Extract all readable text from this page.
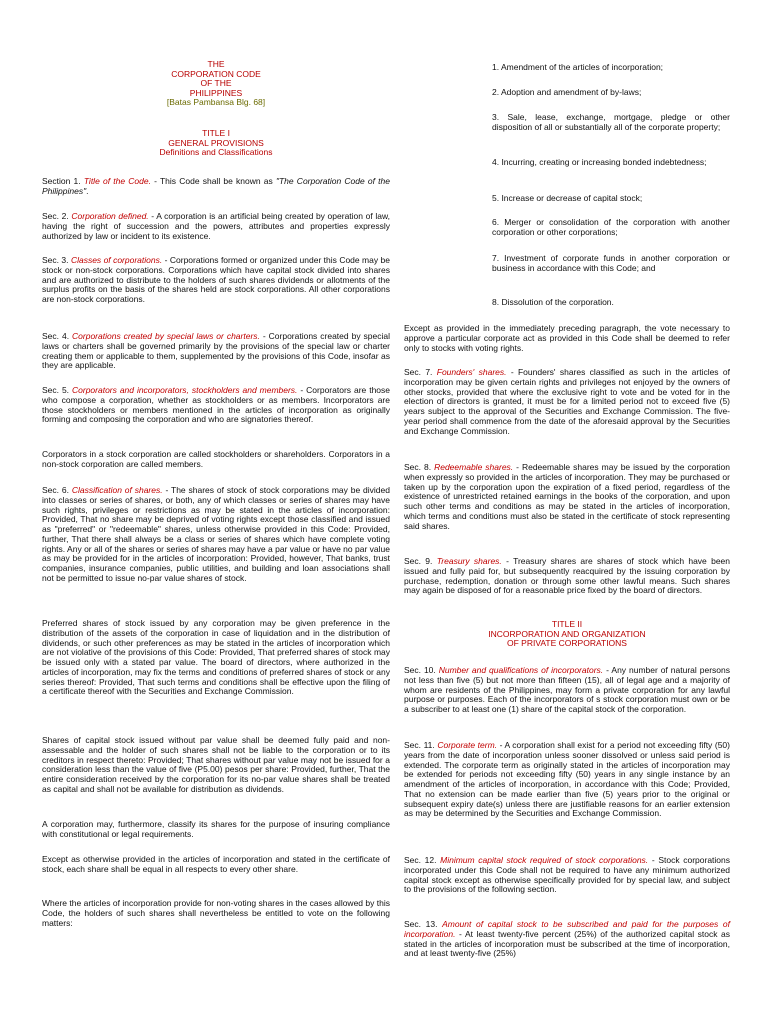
THE
CORPORATION CODE
OF THE
PHILIPPINES
[Batas Pambansa Blg. 68]
TITLE I
GENERAL PROVISIONS
Definitions and Classifications

Section 1. Title of the Code. - This Code shall be known as "The Corporation Code of the Philippines".

Sec. 2. Corporation defined. - A corporation is an artificial being created by operation of law, having the right of succession and the powers, attributes and properties expressly authorized by law or incident to its existence.

Sec. 3. Classes of corporations. - Corporations formed or organized under this Code may be stock or non-stock corporations. Corporations which have capital stock divided into shares and are authorized to distribute to the holders of such shares dividends or allotments of the surplus profits on the basis of the shares held are stock corporations. All other corporations are non-stock corporations.

Sec. 4. Corporations created by special laws or charters. - Corporations created by special laws or charters shall be governed primarily by the provisions of the special law or charter creating them or applicable to them, supplemented by the provisions of this Code, insofar as they are applicable.

Sec. 5. Corporators and incorporators, stockholders and members. - Corporators are those who compose a corporation, whether as stockholders or as members. Incorporators are those stockholders or members mentioned in the articles of incorporation as originally forming and composing the corporation and who are signatories thereof.

Corporators in a stock corporation are called stockholders or shareholders. Corporators in a non-stock corporation are called members.

Sec. 6. Classification of shares. - The shares of stock of stock corporations may be divided into classes or series of shares, or both, any of which classes or series of shares may have such rights, privileges or restrictions as may be stated in the articles of incorporation: Provided, That no share may be deprived of voting rights except those classified and issued as "preferred" or "redeemable" shares, unless otherwise provided in this Code: Provided, further, That there shall always be a class or series of shares which have complete voting rights. Any or all of the shares or series of shares may have a par value or have no par value as may be provided for in the articles of incorporation: Provided, however, That banks, trust companies, insurance companies, public utilities, and building and loan associations shall not be permitted to issue no-par value shares of stock.

Preferred shares of stock issued by any corporation may be given preference in the distribution of the assets of the corporation in case of liquidation and in the distribution of dividends, or such other preferences as may be stated in the articles of incorporation which are not violative of the provisions of this Code: Provided, That preferred shares of stock may be issued only with a stated par value. The board of directors, where authorized in the articles of incorporation, may fix the terms and conditions of preferred shares of stock or any series thereof: Provided, That such terms and conditions shall be effective upon the filing of a certificate thereof with the Securities and Exchange Commission.

Shares of capital stock issued without par value shall be deemed fully paid and non-assessable and the holder of such shares shall not be liable to the corporation or to its creditors in respect thereto: Provided; That shares without par value may not be issued for a consideration less than the value of five (P5.00) pesos per share: Provided, further, That the entire consideration received by the corporation for its no-par value shares shall be treated as capital and shall not be available for distribution as dividends.

A corporation may, furthermore, classify its shares for the purpose of insuring compliance with constitutional or legal requirements.

Except as otherwise provided in the articles of incorporation and stated in the certificate of stock, each share shall be equal in all respects to every other share.

Where the articles of incorporation provide for non-voting shares in the cases allowed by this Code, the holders of such shares shall nevertheless be entitled to vote on the following matters:

1. Amendment of the articles of incorporation;
2. Adoption and amendment of by-laws;
3. Sale, lease, exchange, mortgage, pledge or other disposition of all or substantially all of the corporate property;
4. Incurring, creating or increasing bonded indebtedness;
5. Increase or decrease of capital stock;
6. Merger or consolidation of the corporation with another corporation or other corporations;
7. Investment of corporate funds in another corporation or business in accordance with this Code; and
8. Dissolution of the corporation.

Except as provided in the immediately preceding paragraph, the vote necessary to approve a particular corporate act as provided in this Code shall be deemed to refer only to stocks with voting rights.

Sec. 7. Founders' shares. - Founders' shares classified as such in the articles of incorporation may be given certain rights and privileges not enjoyed by the owners of other stocks, provided that where the exclusive right to vote and be voted for in the election of directors is granted, it must be for a limited period not to exceed five (5) years subject to the approval of the Securities and Exchange Commission. The five-year period shall commence from the date of the aforesaid approval by the Securities and Exchange Commission.

Sec. 8. Redeemable shares. - Redeemable shares may be issued by the corporation when expressly so provided in the articles of incorporation. They may be purchased or taken up by the corporation upon the expiration of a fixed period, regardless of the existence of unrestricted retained earnings in the books of the corporation, and upon such other terms and conditions as may be stated in the articles of incorporation, which terms and conditions must also be stated in the certificate of stock representing said shares.

Sec. 9. Treasury shares. - Treasury shares are shares of stock which have been issued and fully paid for, but subsequently reacquired by the issuing corporation by purchase, redemption, donation or through some other lawful means. Such shares may again be disposed of for a reasonable price fixed by the board of directors.

TITLE II
INCORPORATION AND ORGANIZATION
OF PRIVATE CORPORATIONS

Sec. 10. Number and qualifications of incorporators. - Any number of natural persons not less than five (5) but not more than fifteen (15), all of legal age and a majority of whom are residents of the Philippines, may form a private corporation for any lawful purpose or purposes. Each of the incorporators of s stock corporation must own or be a subscriber to at least one (1) share of the capital stock of the corporation.

Sec. 11. Corporate term. - A corporation shall exist for a period not exceeding fifty (50) years from the date of incorporation unless sooner dissolved or unless said period is extended. The corporate term as originally stated in the articles of incorporation may be extended for periods not exceeding fifty (50) years in any single instance by an amendment of the articles of incorporation, in accordance with this Code; Provided, That no extension can be made earlier than five (5) years prior to the original or subsequent expiry date(s) unless there are justifiable reasons for an earlier extension as may be determined by the Securities and Exchange Commission.

Sec. 12. Minimum capital stock required of stock corporations. - Stock corporations incorporated under this Code shall not be required to have any minimum authorized capital stock except as otherwise specifically provided for by special law, and subject to the provisions of the following section.

Sec. 13. Amount of capital stock to be subscribed and paid for the purposes of incorporation. - At least twenty-five percent (25%) of the authorized capital stock as stated in the articles of incorporation must be subscribed at the time of incorporation, and at least twenty-five (25%)
